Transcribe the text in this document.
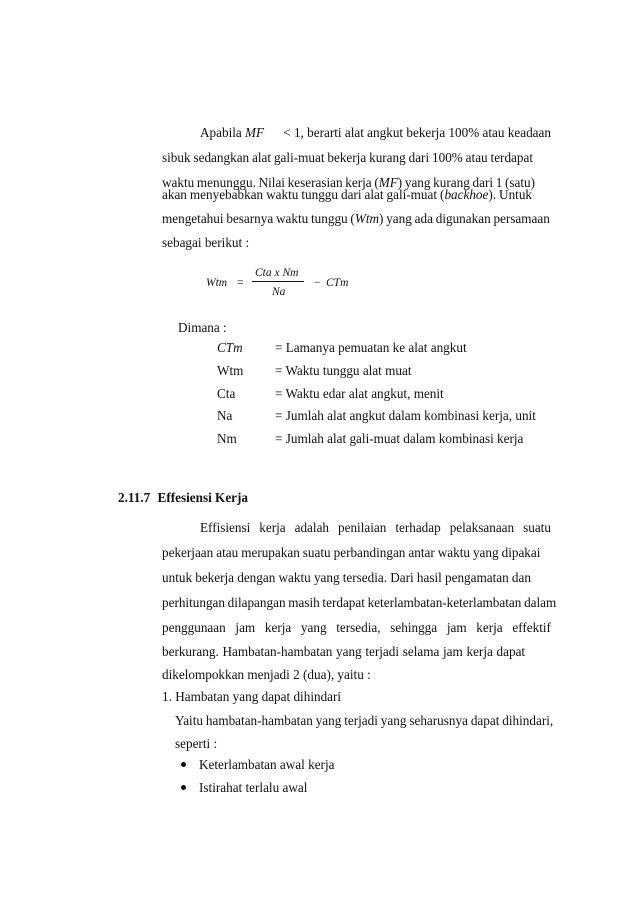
Apabila MF < 1, berarti alat angkut bekerja 100% atau keadaan
sibuk sedangkan alat gali-muat bekerja kurang dari 100% atau terdapat
waktu menunggu. Nilai keserasian kerja (MF) yang kurang dari 1 (satu)
akan menyebabkan waktu tunggu dari alat gali-muat (backhoe). Untuk
mengetahui besarnya waktu tunggu (Wtm) yang ada digunakan persamaan
sebagai berikut :
Wtm =
Cta x Nm
Na
− CTm
Dimana :
CTm = Lamanya pemuatan ke alat angkut
Wtm = Waktu tunggu alat muat
Cta	= Waktu edar alat angkut, menit
Na	= Jumlah alat angkut dalam kombinasi kerja, unit
Nm	= Jumlah alat gali-muat dalam kombinasi kerja
2.11.7 Effesiensi Kerja
Effisiensi kerja adalah penilaian terhadap pelaksanaan suatu
pekerjaan atau merupakan suatu perbandingan antar waktu yang dipakai
untuk bekerja dengan waktu yang tersedia. Dari hasil pengamatan dan
perhitungan dilapangan masih terdapat keterlambatan-keterlambatan dalam
penggunaan jam kerja yang tersedia, sehingga jam kerja effektif
berkurang. Hambatan-hambatan yang terjadi selama jam kerja dapat
dikelompokkan menjadi 2 (dua), yaitu :
1. Hambatan yang dapat dihindari
Yaitu hambatan-hambatan yang terjadi yang seharusnya dapat dihindari,
seperti :
Keterlambatan awal kerja
Istirahat terlalu awal
